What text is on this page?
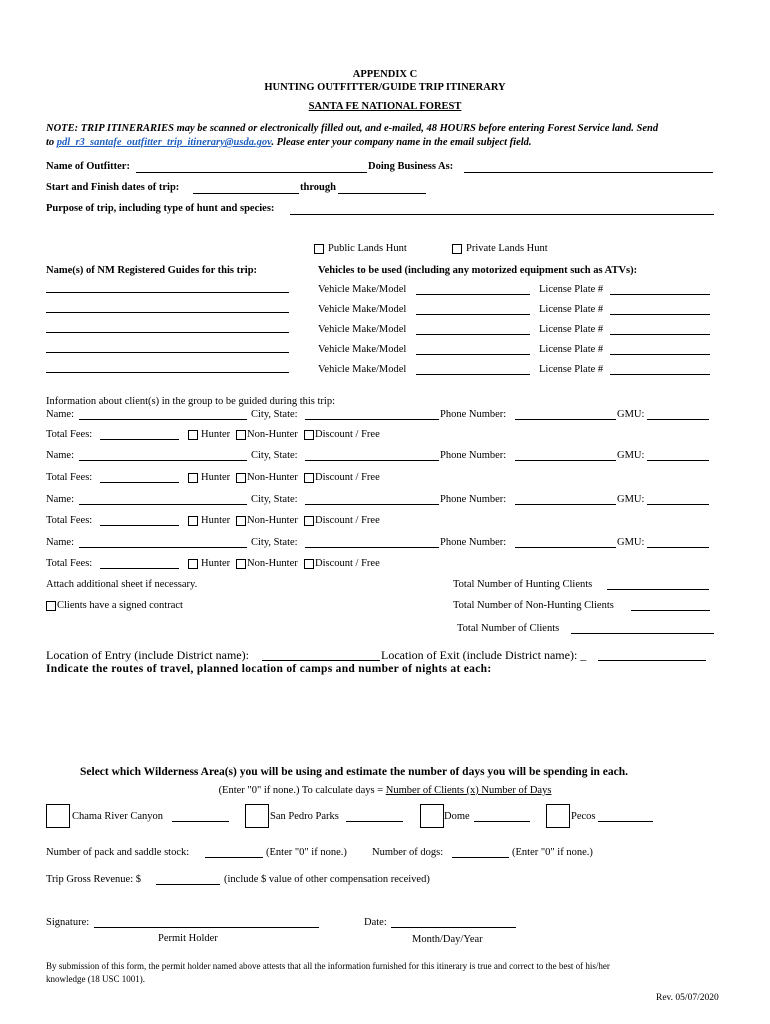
APPENDIX C
HUNTING OUTFITTER/GUIDE TRIP ITINERARY
SANTA FE NATIONAL FOREST
NOTE: TRIP ITINERARIES may be scanned or electronically filled out, and e-mailed, 48 HOURS before entering Forest Service land. Send
to pdl_r3_santafe_outfitter_trip_itinerary@usda.gov. Please enter your company name in the email subject field.
Name of Outfitter:	Doing Business As:
Start and Finish dates of trip:	through
Purpose of trip, including type of hunt and species:
Public Lands Hunt	Private Lands Hunt
Name(s) of NM Registered Guides for this trip:	Vehicles to be used (including any motorized equipment such as ATVs):
Vehicle Make/Model	License Plate #
Vehicle Make/Model	License Plate #
Vehicle Make/Model	License Plate #
Vehicle Make/Model	License Plate #
Vehicle Make/Model	License Plate #
Information about client(s) in the group to be guided during this trip:
Name:	City, State:	Phone Number:	GMU:
Total Fees:	Hunter Non-Hunter Discount / Free
Name:	City, State:	Phone Number:	GMU:
Total Fees:	Hunter Non-Hunter Discount / Free
Name:	City, State:	Phone Number:	GMU:
Total Fees:	Hunter Non-Hunter Discount / Free
Name:	City, State:	Phone Number:	GMU:
Total Fees:	Hunter Non-Hunter Discount / Free
Attach additional sheet if necessary.	Total Number of Hunting Clients
Clients have a signed contract	Total Number of Non-Hunting Clients
Total Number of Clients
Location of Entry (include District name):	Location of Exit (include District name): _
Indicate the routes of travel, planned location of camps and number of nights at each:
Select which Wilderness Area(s) you will be using and estimate the number of days you will be spending in each.
(Enter "0" if none.) To calculate days = Number of Clients (x) Number of Days
Chama River Canyon	San Pedro Parks	Dome	Pecos
Number of pack and saddle stock:	(Enter "0" if none.) Number of dogs:	(Enter "0" if none.)
Trip Gross Revenue: $	(include $ value of other compensation received)
Signature:
Permit Holder
Date:
Month/Day/Year
By submission of this form, the permit holder named above attests that all the information furnished for this itinerary is true and correct to the best of his/her
knowledge (18 USC 1001).
Rev. 05/07/2020
